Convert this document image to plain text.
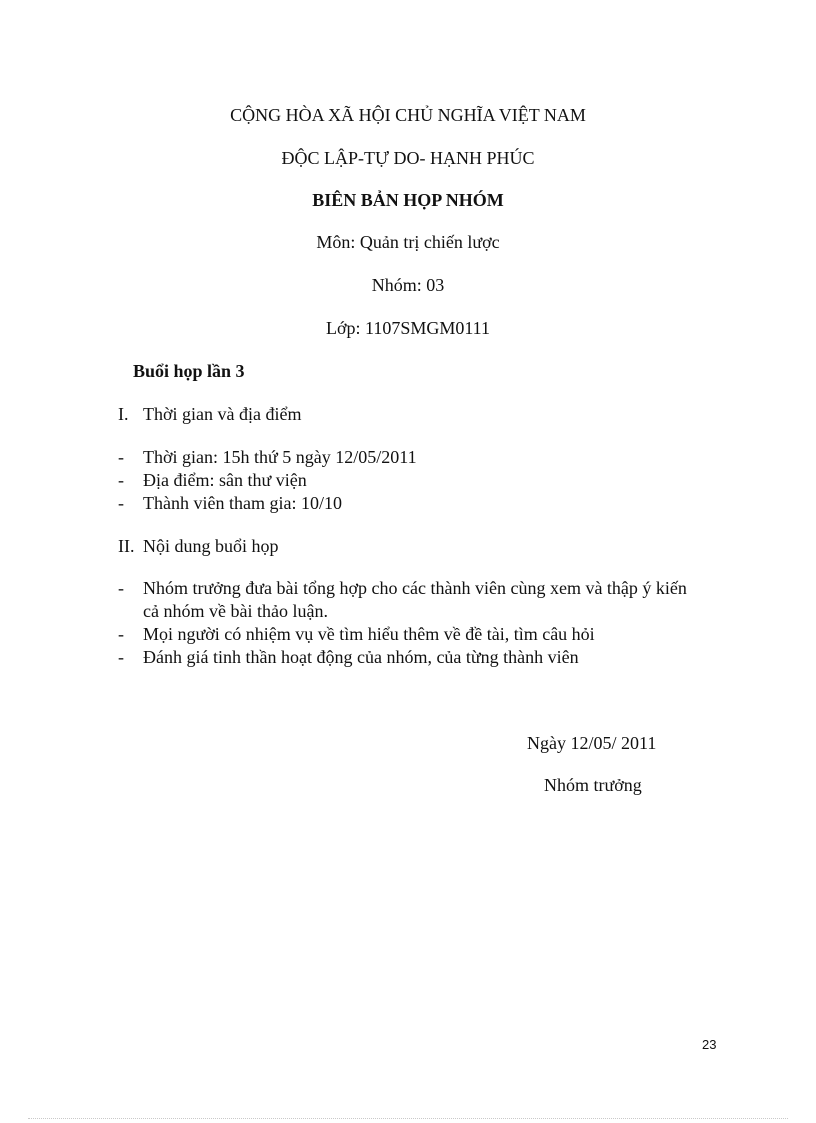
CỘNG HÒA XÃ HỘI CHỦ NGHĨA VIỆT NAM
ĐỘC LẬP-TỰ DO- HẠNH PHÚC
BIÊN BẢN HỌP NHÓM
Môn: Quản trị chiến lược
Nhóm: 03
Lớp: 1107SMGM0111
Buổi họp lần 3
I. Thời gian và địa điểm
- Thời gian: 15h thứ 5 ngày 12/05/2011
- Địa điểm: sân thư viện
- Thành viên tham gia: 10/10
II. Nội dung buổi họp
- Nhóm trưởng đưa bài tổng hợp cho các thành viên cùng xem và thập ý kiến
cả nhóm về bài thảo luận.
- Mọi người có nhiệm vụ về tìm hiểu thêm về đề tài, tìm câu hỏi
- Đánh giá tinh thần hoạt động của nhóm, của từng thành viên
Ngày 12/05/ 2011
Nhóm trưởng
23
